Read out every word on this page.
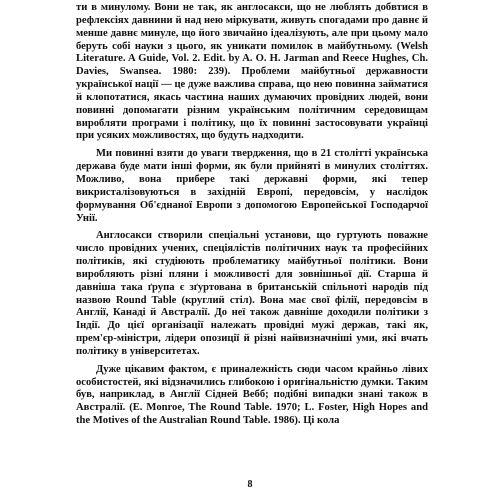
ти в минулому. Вони не так, як англосакси, що не люблять добвтися в рефлексіях давнини й над нею міркувати, живуть спогадами про давнє й менше давнє минуле, що його звичайно ідеалізують, але при цьому мало беруть собі науки з цього, як уникати помилок в майбутньому. (Welsh Literature. A Guide, Vol. 2. Edit. by A. O. H. Jarman and Reece Hughes, Ch. Davies, Swansea. 1980: 239). Проблеми майбутньої державности української нації — це дуже важлива справа, що нею повинна займатися й клопотатися, якась частина наших думаючих провідних людей, вони повинні допомагати різним українським політичним середовищам виробляти програми і політику, що їх повинні застосовувати українці при усяких можливостях, що будуть надходити.

Ми повинні взяти до уваги твердження, що в 21 столітті українська держава буде мати інші форми, як були прийняті в минулих століттях. Можливо, вона прибере такі державні форми, які тепер викристалізовуються в західній Европі, передовсім, у наслідок формування Об'єднаної Европи з допомогою Европейської Господарчої Унії.

Англосакси створили спеціальні установи, що гуртують поважне число провідних учених, спеціялістів політичних наук та професійних політиків, які студіюють проблематику майбутньої політики. Вони виробляють різні пляни і можливості для зовнішньої дії. Старша й давніша така ґрупа є зґуртована в британській спільноті народів під назвою Round Table (круглий стіл). Вона має свої філії, передовсім в Англії, Канаді й Австралії. До неї також давніше доходили політики з Індії. До цієї організації належать провідні мужі держав, такі як, прем'єр-міністри, лідери опозиції й різні найвизначніші уми, які вчать політику в університетах.

Дуже цікавим фактом, є приналежність сюди часом крайньо лівих особистостей, які відзначились глибокою і оригінальністю думки. Таким був, наприклад, в Англії Сідней Вебб; подібні випадки знані також в Австралії. (E. Monroe, The Round Table. 1970; L. Foster, High Hopes and the Motives of the Australian Round Table. 1986). Ці кола

8
